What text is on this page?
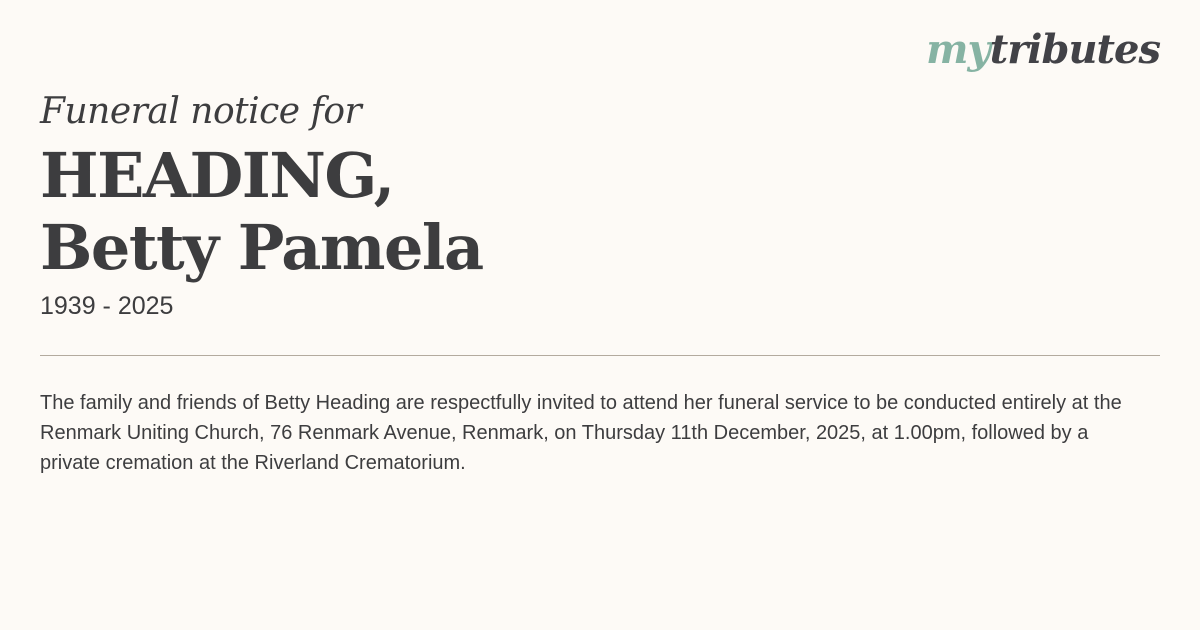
mytributes
Funeral notice for
HEADING,
Betty Pamela
1939 - 2025
The family and friends of Betty Heading are respectfully invited to attend her funeral service to be conducted entirely at the Renmark Uniting Church, 76 Renmark Avenue, Renmark, on Thursday 11th December, 2025, at 1.00pm, followed by a private cremation at the Riverland Crematorium.
